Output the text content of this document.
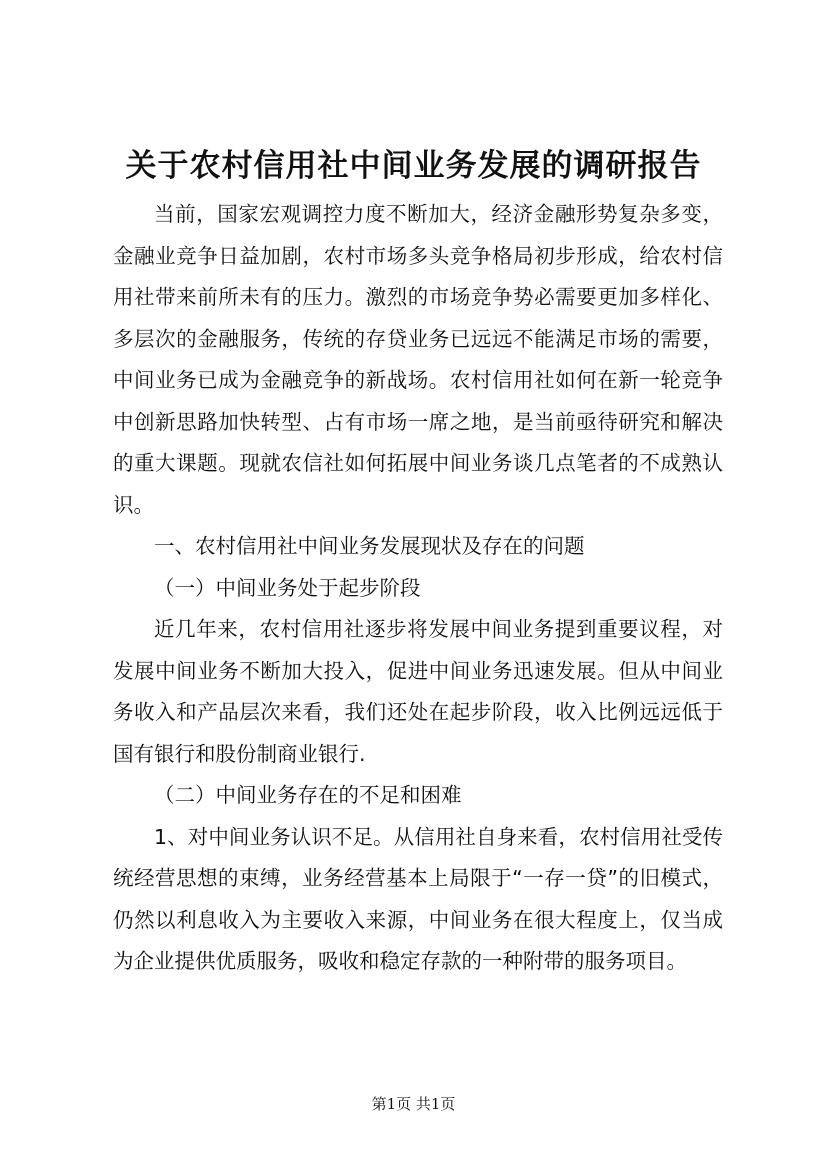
关于农村信用社中间业务发展的调研报告

当前，国家宏观调控力度不断加大，经济金融形势复杂多变，金融业竞争日益加剧，农村市场多头竞争格局初步形成，给农村信用社带来前所未有的压力。激烈的市场竞争势必需要更加多样化、多层次的金融服务，传统的存贷业务已远远不能满足市场的需要，中间业务已成为金融竞争的新战场。农村信用社如何在新一轮竞争中创新思路加快转型、占有市场一席之地，是当前亟待研究和解决的重大课题。现就农信社如何拓展中间业务谈几点笔者的不成熟认识。

一、农村信用社中间业务发展现状及存在的问题

（一）中间业务处于起步阶段

近几年来，农村信用社逐步将发展中间业务提到重要议程，对发展中间业务不断加大投入，促进中间业务迅速发展。但从中间业务收入和产品层次来看，我们还处在起步阶段，收入比例远远低于国有银行和股份制商业银行.

（二）中间业务存在的不足和困难

1、对中间业务认识不足。从信用社自身来看，农村信用社受传统经营思想的束缚，业务经营基本上局限于“一存一贷”的旧模式，仍然以利息收入为主要收入来源，中间业务在很大程度上，仅当成为企业提供优质服务，吸收和稳定存款的一种附带的服务项目。

第1页 共1页
